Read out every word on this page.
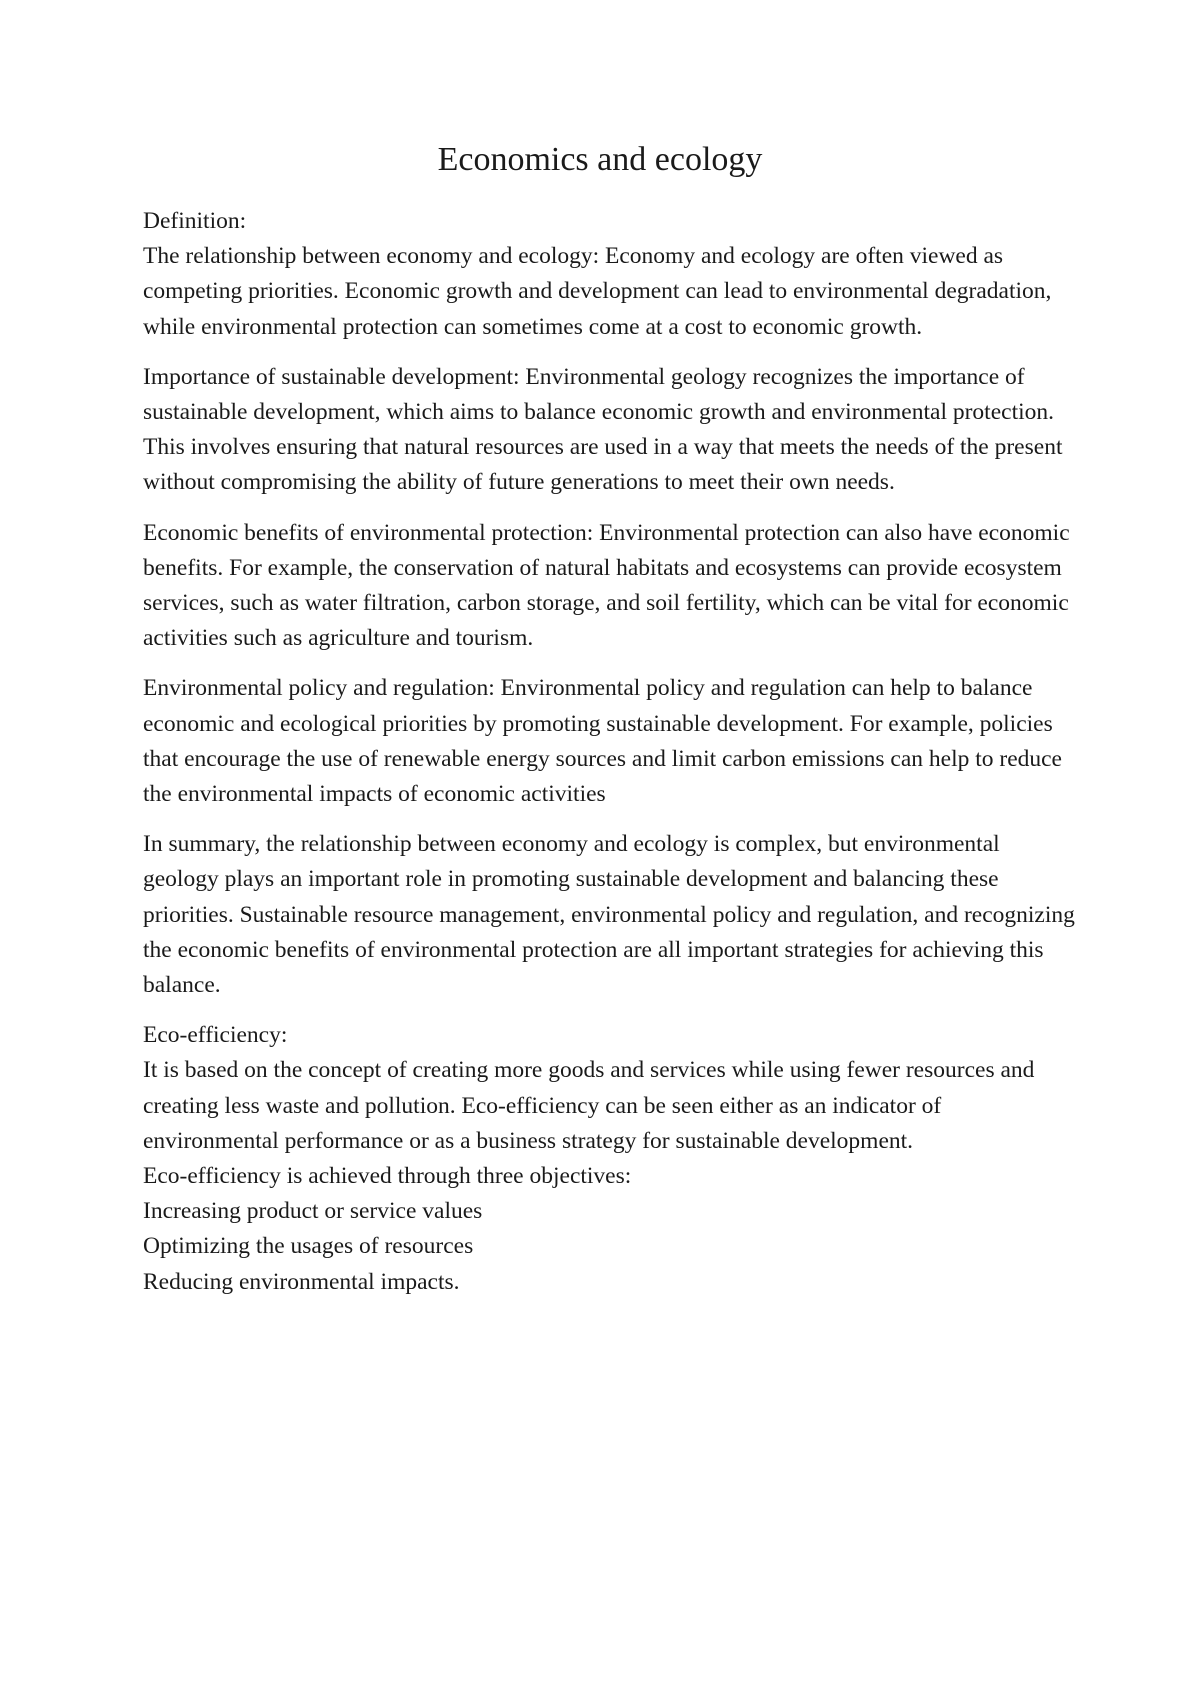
Economics and ecology

Definition:
The relationship between economy and ecology: Economy and ecology are often viewed as competing priorities. Economic growth and development can lead to environmental degradation, while environmental protection can sometimes come at a cost to economic growth.

Importance of sustainable development: Environmental geology recognizes the importance of sustainable development, which aims to balance economic growth and environmental protection. This involves ensuring that natural resources are used in a way that meets the needs of the present without compromising the ability of future generations to meet their own needs.

Economic benefits of environmental protection: Environmental protection can also have economic benefits. For example, the conservation of natural habitats and ecosystems can provide ecosystem services, such as water filtration, carbon storage, and soil fertility, which can be vital for economic activities such as agriculture and tourism.

Environmental policy and regulation: Environmental policy and regulation can help to balance economic and ecological priorities by promoting sustainable development. For example, policies that encourage the use of renewable energy sources and limit carbon emissions can help to reduce the environmental impacts of economic activities

In summary, the relationship between economy and ecology is complex, but environmental geology plays an important role in promoting sustainable development and balancing these priorities. Sustainable resource management, environmental policy and regulation, and recognizing the economic benefits of environmental protection are all important strategies for achieving this balance.

Eco-efficiency:
It is based on the concept of creating more goods and services while using fewer resources and creating less waste and pollution. Eco-efficiency can be seen either as an indicator of environmental performance or as a business strategy for sustainable development.
Eco-efficiency is achieved through three objectives:
Increasing product or service values
Optimizing the usages of resources
Reducing environmental impacts.
